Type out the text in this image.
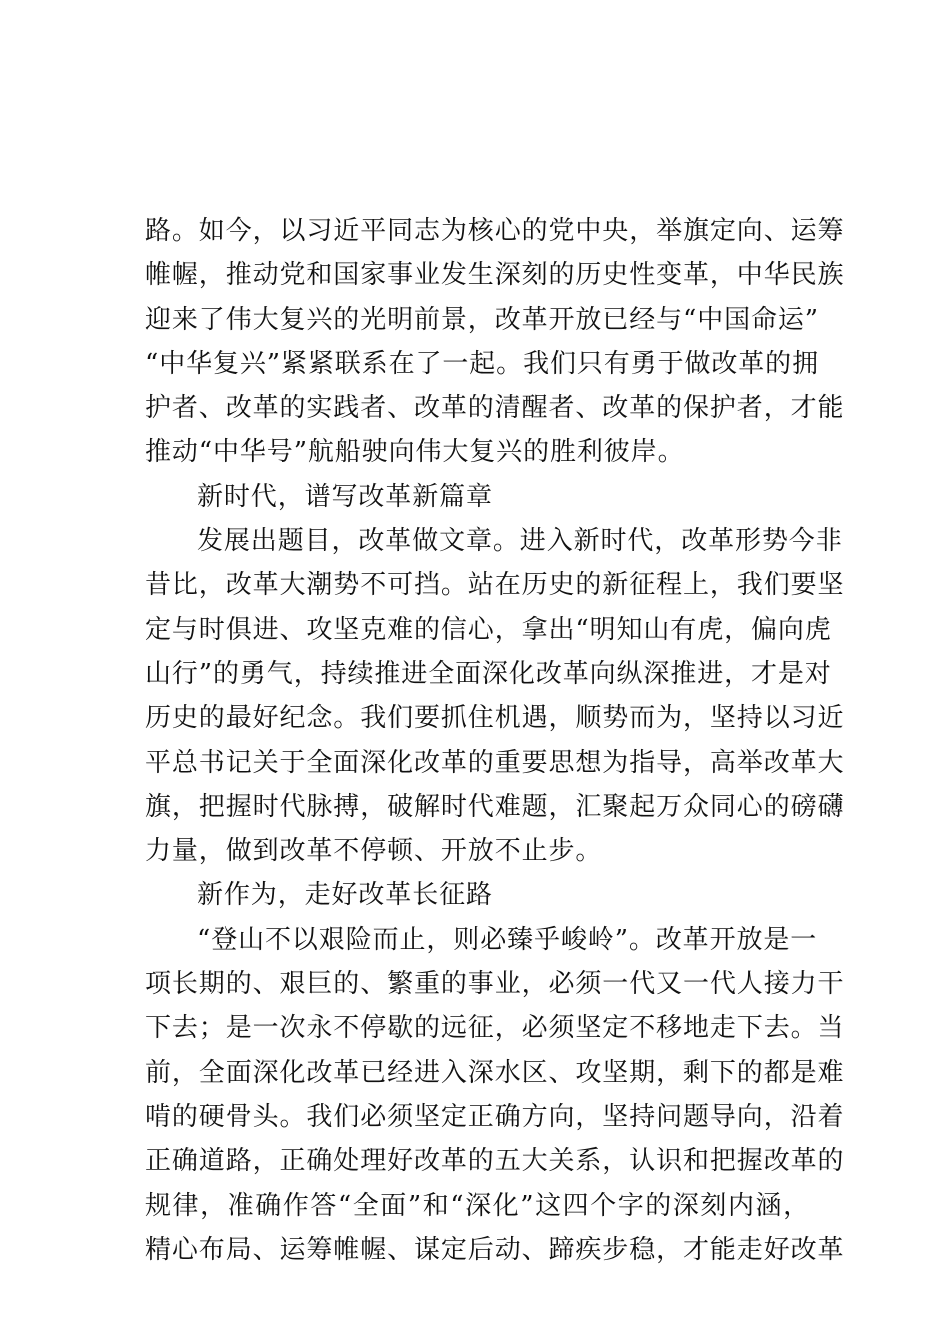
路。如今，以习近平同志为核心的党中央，举旗定向、运筹
帷幄，推动党和国家事业发生深刻的历史性变革，中华民族
迎来了伟大复兴的光明前景，改革开放已经与“中国命运”
“中华复兴”紧紧联系在了一起。我们只有勇于做改革的拥
护者、改革的实践者、改革的清醒者、改革的保护者，才能
推动“中华号”航船驶向伟大复兴的胜利彼岸。
新时代，谱写改革新篇章
发展出题目，改革做文章。进入新时代，改革形势今非
昔比，改革大潮势不可挡。站在历史的新征程上，我们要坚
定与时俱进、攻坚克难的信心，拿出“明知山有虎，偏向虎
山行”的勇气，持续推进全面深化改革向纵深推进，才是对
历史的最好纪念。我们要抓住机遇，顺势而为，坚持以习近
平总书记关于全面深化改革的重要思想为指导，高举改革大
旗，把握时代脉搏，破解时代难题，汇聚起万众同心的磅礴
力量，做到改革不停顿、开放不止步。
新作为，走好改革长征路
“登山不以艰险而止，则必臻乎峻岭”。改革开放是一
项长期的、艰巨的、繁重的事业，必须一代又一代人接力干
下去；是一次永不停歇的远征，必须坚定不移地走下去。当
前，全面深化改革已经进入深水区、攻坚期，剩下的都是难
啃的硬骨头。我们必须坚定正确方向，坚持问题导向，沿着
正确道路，正确处理好改革的五大关系，认识和把握改革的
规律，准确作答“全面”和“深化”这四个字的深刻内涵，
精心布局、运筹帷幄、谋定后动、蹄疾步稳，才能走好改革
